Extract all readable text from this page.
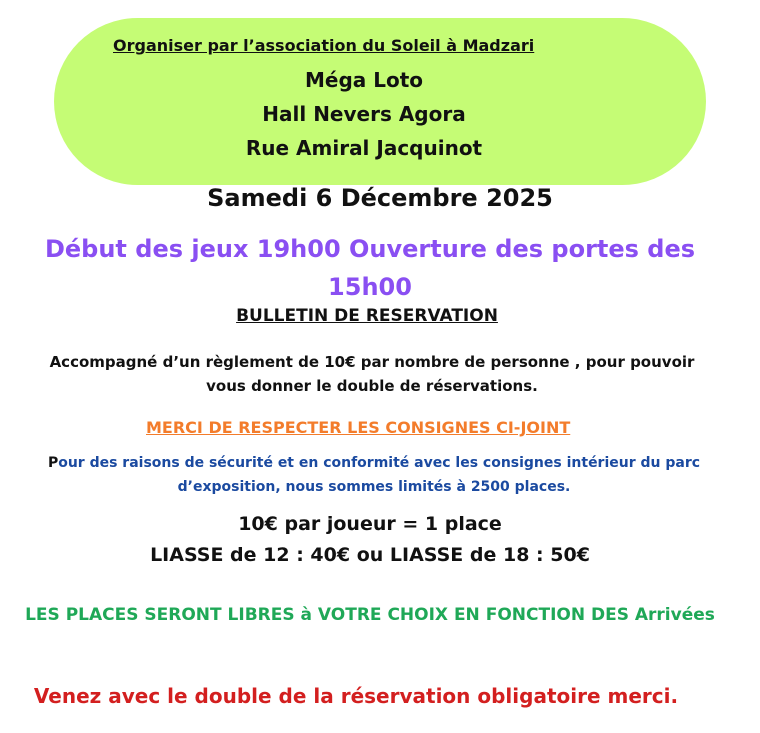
Organiser par l’association du Soleil à Madzari
Méga Loto
Hall Nevers Agora
Rue Amiral Jacquinot
Samedi 6 Décembre 2025
Début des jeux 19h00 Ouverture des portes des 15h00
BULLETIN DE RESERVATION
Accompagné d’un règlement de 10€ par nombre de personne , pour pouvoir vous donner le double de réservations.
MERCI DE RESPECTER LES CONSIGNES CI-JOINT
Pour des raisons de sécurité et en conformité avec les consignes intérieur du parc d’exposition, nous sommes limités à 2500 places.
10€ par joueur = 1 place
LIASSE de 12 : 40€ ou LIASSE de 18 : 50€
LES PLACES SERONT LIBRES à VOTRE CHOIX EN FONCTION DES Arrivées
Venez avec le double de la réservation obligatoire merci.
